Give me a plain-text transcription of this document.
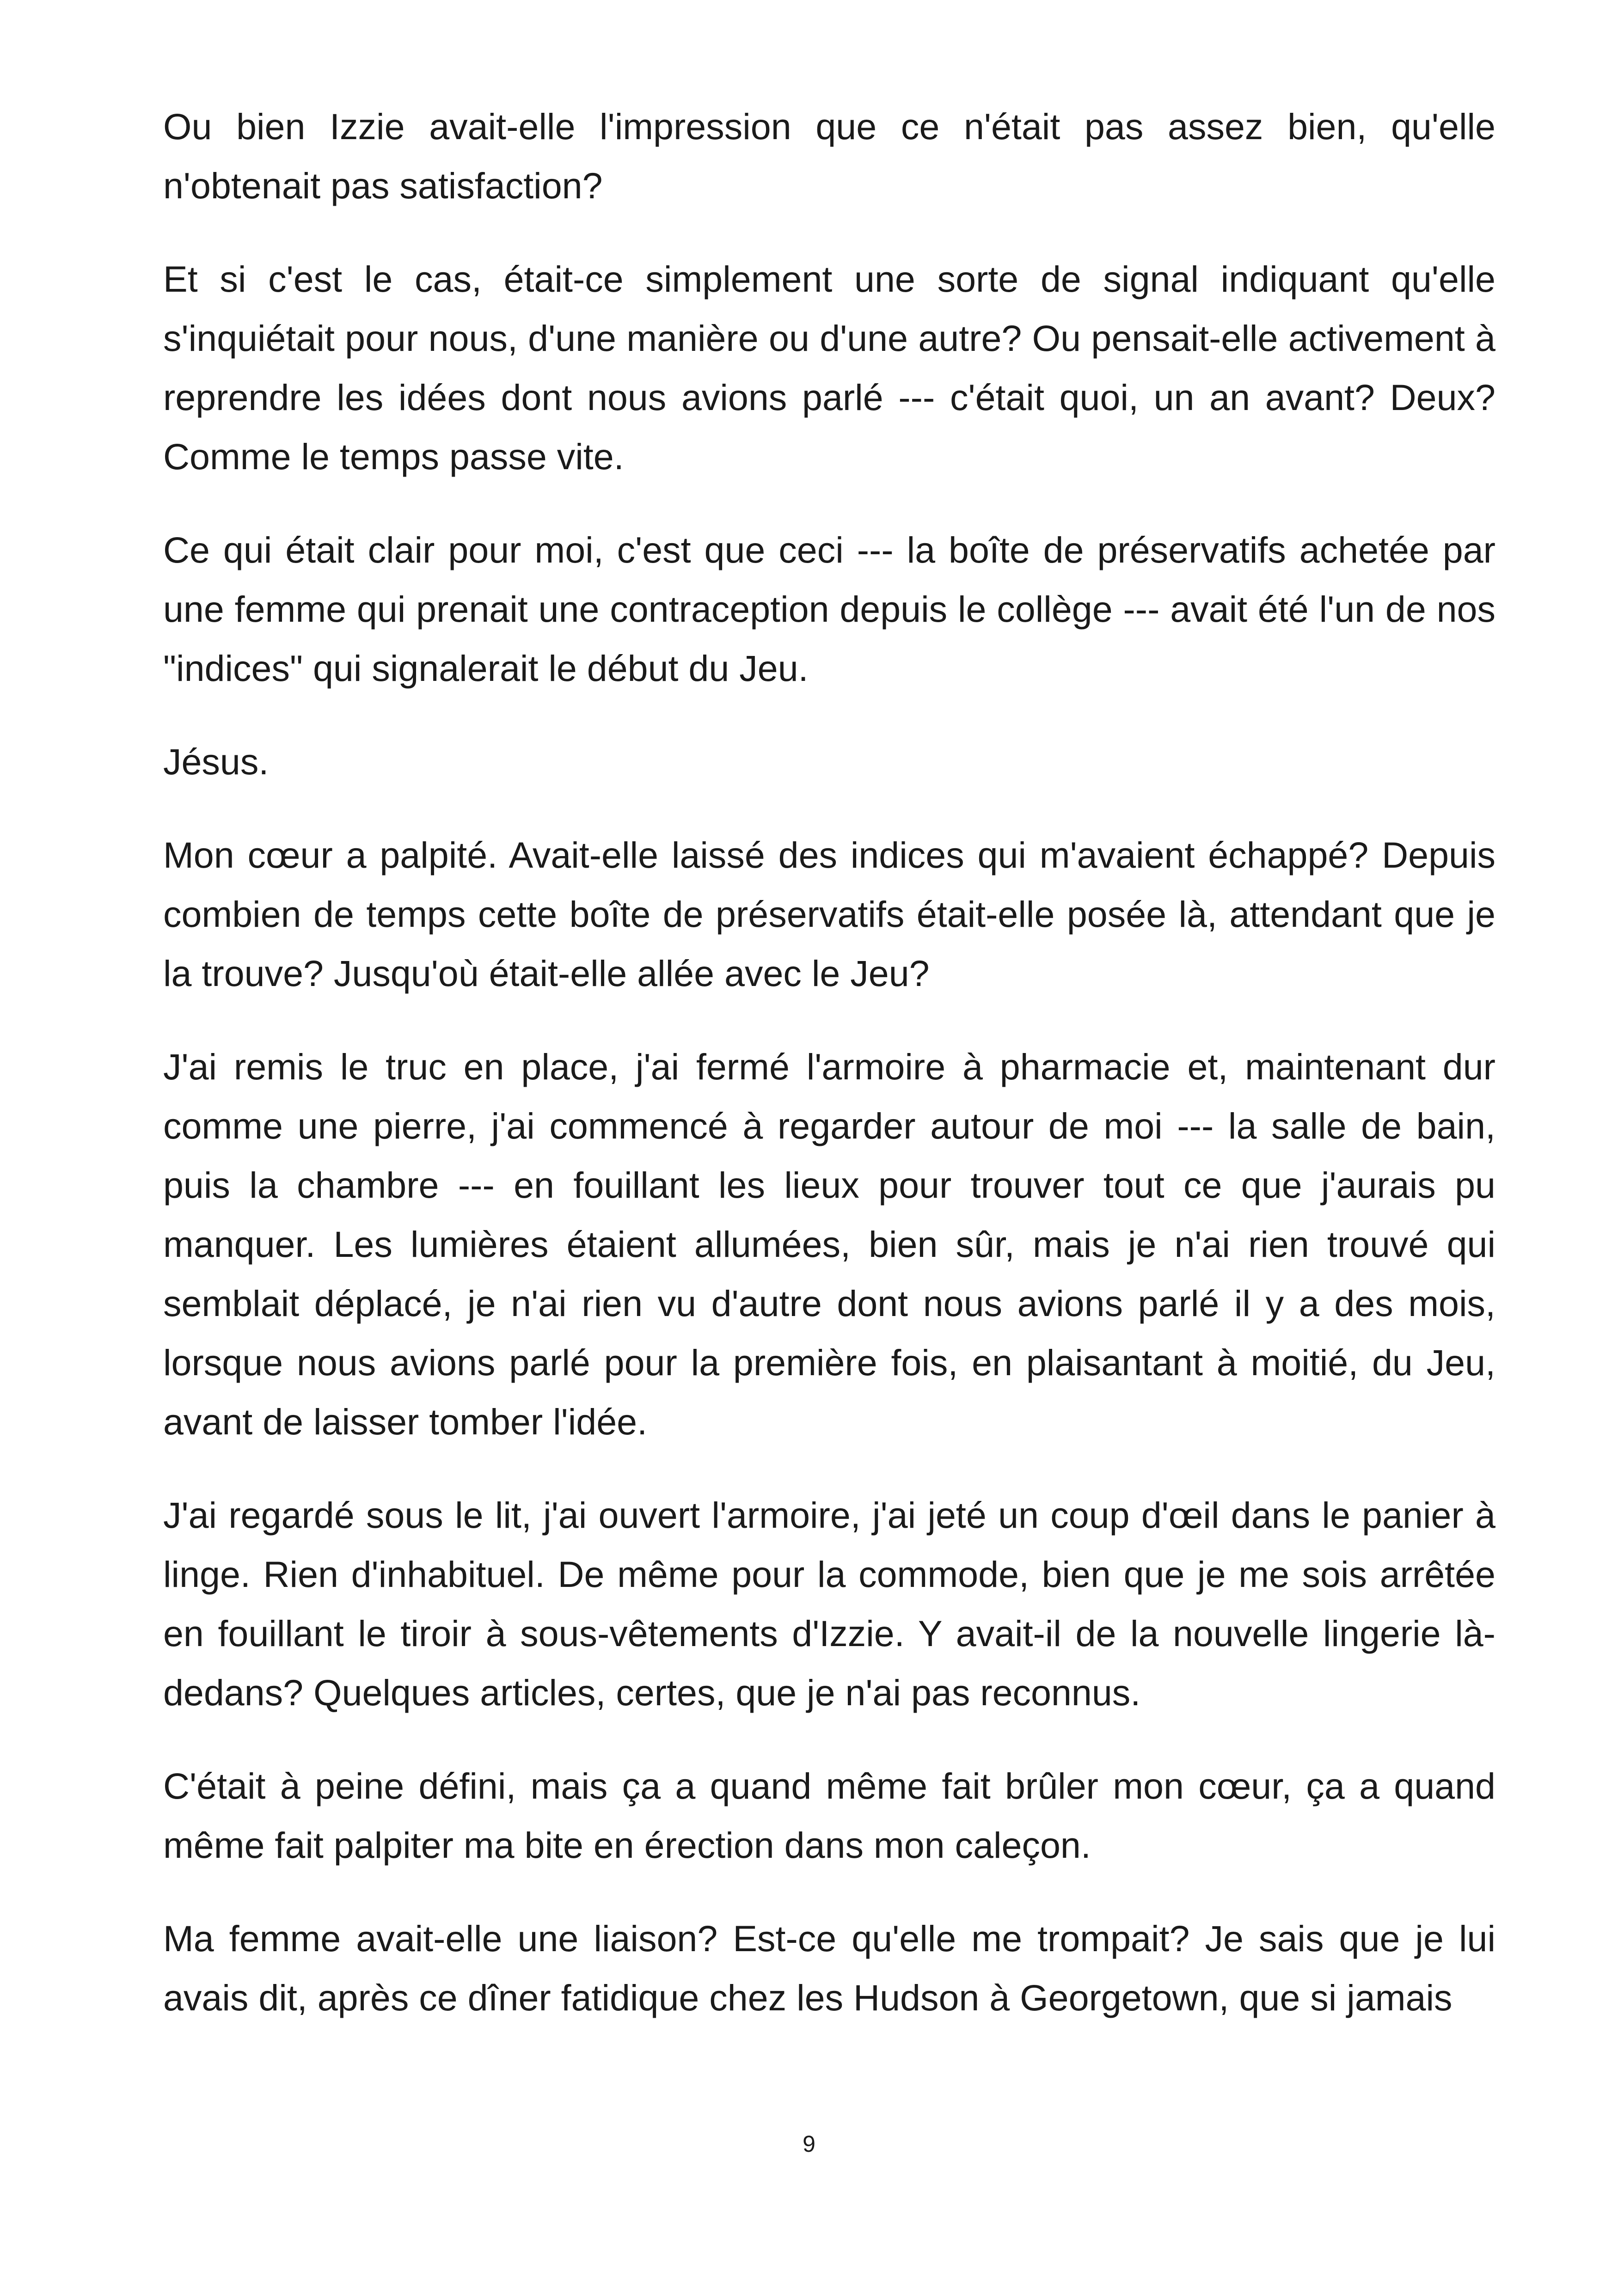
Ou bien Izzie avait-elle l'impression que ce n'était pas assez bien, qu'elle n'obtenait pas satisfaction?

Et si c'est le cas, était-ce simplement une sorte de signal indiquant qu'elle s'inquiétait pour nous, d'une manière ou d'une autre? Ou pensait-elle activement à reprendre les idées dont nous avions parlé --- c'était quoi, un an avant? Deux? Comme le temps passe vite.

Ce qui était clair pour moi, c'est que ceci --- la boîte de préservatifs achetée par une femme qui prenait une contraception depuis le collège --- avait été l'un de nos "indices" qui signalerait le début du Jeu.

Jésus.

Mon cœur a palpité. Avait-elle laissé des indices qui m'avaient échappé? Depuis combien de temps cette boîte de préservatifs était-elle posée là, attendant que je la trouve? Jusqu'où était-elle allée avec le Jeu?

J'ai remis le truc en place, j'ai fermé l'armoire à pharmacie et, maintenant dur comme une pierre, j'ai commencé à regarder autour de moi --- la salle de bain, puis la chambre --- en fouillant les lieux pour trouver tout ce que j'aurais pu manquer. Les lumières étaient allumées, bien sûr, mais je n'ai rien trouvé qui semblait déplacé, je n'ai rien vu d'autre dont nous avions parlé il y a des mois, lorsque nous avions parlé pour la première fois, en plaisantant à moitié, du Jeu, avant de laisser tomber l'idée.

J'ai regardé sous le lit, j'ai ouvert l'armoire, j'ai jeté un coup d'œil dans le panier à linge. Rien d'inhabituel. De même pour la commode, bien que je me sois arrêtée en fouillant le tiroir à sous-vêtements d'Izzie. Y avait-il de la nouvelle lingerie là-dedans? Quelques articles, certes, que je n'ai pas reconnus.

C'était à peine défini, mais ça a quand même fait brûler mon cœur, ça a quand même fait palpiter ma bite en érection dans mon caleçon.

Ma femme avait-elle une liaison? Est-ce qu'elle me trompait? Je sais que je lui avais dit, après ce dîner fatidique chez les Hudson à Georgetown, que si jamais

9
